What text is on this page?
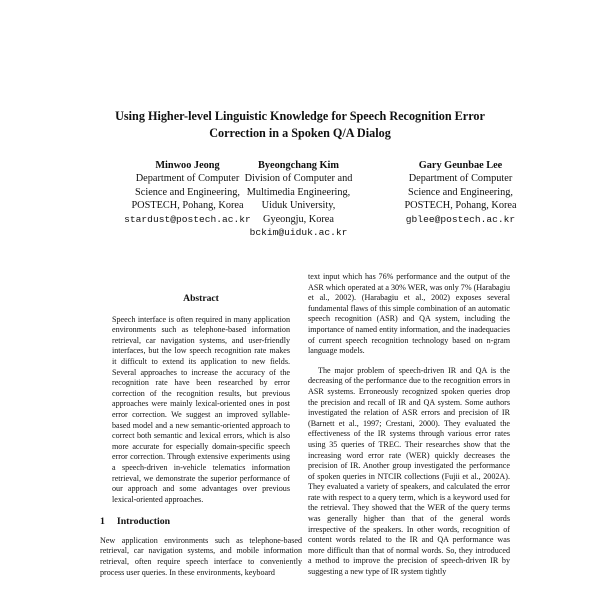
Using Higher-level Linguistic Knowledge for Speech Recognition Error
Correction in a Spoken Q/A Dialog
Minwoo Jeong
Department of Computer
Science and Engineering,
POSTECH, Pohang, Korea
stardust@postech.ac.kr
Byeongchang Kim
Division of Computer and
Multimedia Engineering,
Uiduk University,
Gyeongju, Korea
bckim@uiduk.ac.kr
Gary Geunbae Lee
Department of Computer
Science and Engineering,
POSTECH, Pohang, Korea
gblee@postech.ac.kr
Abstract

Speech interface is often required in many application environments such as telephone-based information retrieval, car navigation systems, and user-friendly interfaces, but the low speech recognition rate makes it difficult to extend its application to new fields. Several approaches to increase the accuracy of the recognition rate have been researched by error correction of the recognition results, but previous approaches were mainly lexical-oriented ones in post error correction. We suggest an improved syllable-based model and a new semantic-oriented approach to correct both semantic and lexical errors, which is also more accurate for especially domain-specific speech error correction. Through extensive experiments using a speech-driven in-vehicle telematics information retrieval, we demonstrate the superior performance of our approach and some advantages over previous lexical-oriented approaches.

1 Introduction

New application environments such as telephone-based retrieval, car navigation systems, and mobile information retrieval, often require speech interface to conveniently process user queries. In these environments, keyboard

text input which has 76% performance and the output of the ASR which operated at a 30% WER, was only 7% (Harabagiu et al., 2002). (Harabagiu et al., 2002) exposes several fundamental flaws of this simple combination of an automatic speech recognition (ASR) and QA system, including the importance of named entity information, and the inadequacies of current speech recognition technology based on n-gram language models.

The major problem of speech-driven IR and QA is the decreasing of the performance due to the recognition errors in ASR systems. Erroneously recognized spoken queries drop the precision and recall of IR and QA system. Some authors investigated the relation of ASR errors and precision of IR (Barnett et al., 1997; Crestani, 2000). They evaluated the effectiveness of the IR systems through various error rates using 35 queries of TREC. Their researches show that the increasing word error rate (WER) quickly decreases the precision of IR. Another group investigated the performance of spoken queries in NTCIR collections (Fujii et al., 2002A). They evaluated a variety of speakers, and calculated the error rate with respect to a query term, which is a keyword used for the retrieval. They showed that the WER of the query terms was generally higher than that of the general words irrespective of the speakers. In other words, recognition of content words related to the IR and QA performance was more difficult than that of normal words. So, they introduced a method to improve the precision of speech-driven IR by suggesting a new type of IR system tightly
